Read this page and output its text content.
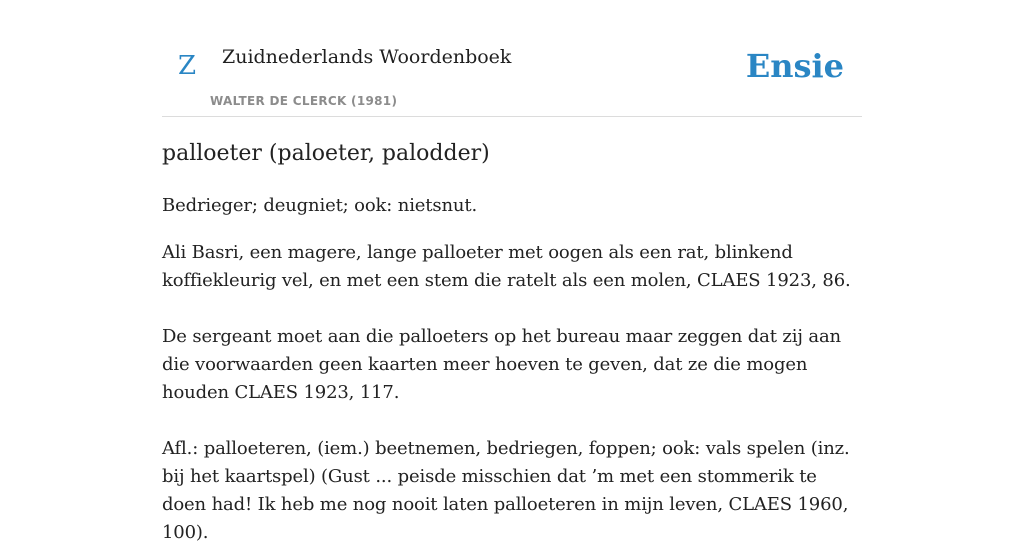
Z Zuidnederlands Woordenboek
WALTER DE CLERCK (1981)
Ensie
palloeter (paloeter, palodder)

Bedrieger; deugniet; ook: nietsnut.

Ali Basri, een magere, lange palloeter met oogen als een rat, blinkend koffiekleurig vel, en met een stem die ratelt als een molen, CLAES 1923, 86.

De sergeant moet aan die palloeters op het bureau maar zeggen dat zij aan die voorwaarden geen kaarten meer hoeven te geven, dat ze die mogen houden CLAES 1923, 117.

Afl.: palloeteren, (iem.) beetnemen, bedriegen, foppen; ook: vals spelen (inz. bij het kaartspel) (Gust ... peisde misschien dat ’m met een stommerik te doen had! Ik heb me nog nooit laten palloeteren in mijn leven, CLAES 1960, 100).
